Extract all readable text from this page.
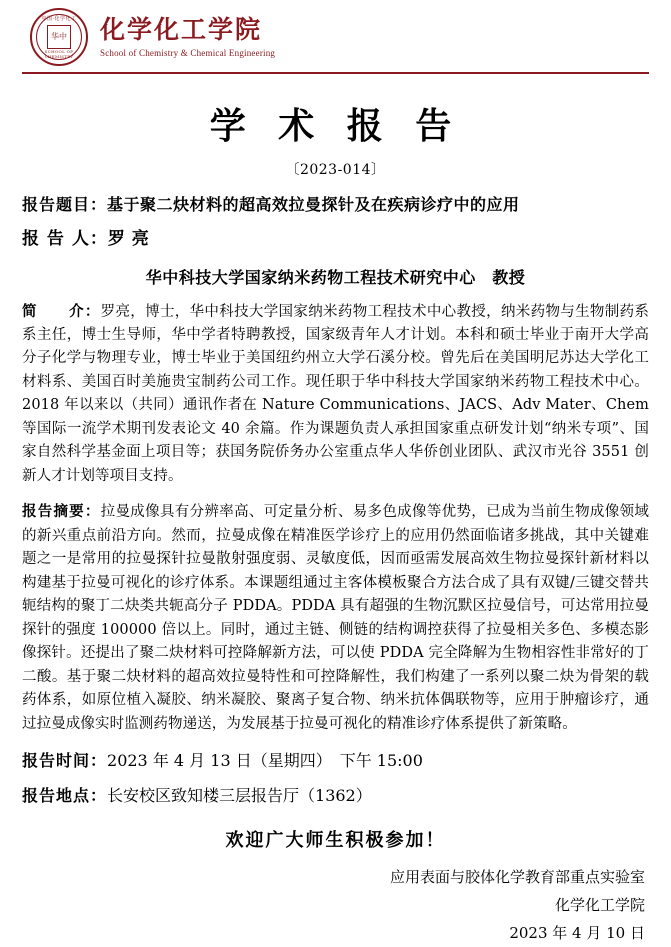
中国·化学化工
华中
SCHOOL OF CHEMISTRY
化学化工学院
School of Chemistry & Chemical Engineering
学 术 报 告
〔2023-014〕
报告题目：基于聚二炔材料的超高效拉曼探针及在疾病诊疗中的应用
报 告 人：罗 亮
华中科技大学国家纳米药物工程技术研究中心　教授
简　　介：罗亮，博士，华中科技大学国家纳米药物工程技术中心教授，纳米药物与生物制药系系主任，博士生导师，华中学者特聘教授，国家级青年人才计划。本科和硕士毕业于南开大学高分子化学与物理专业，博士毕业于美国纽约州立大学石溪分校。曾先后在美国明尼苏达大学化工材料系、美国百时美施贵宝制药公司工作。现任职于华中科技大学国家纳米药物工程技术中心。2018 年以来以（共同）通讯作者在 Nature Communications、JACS、Adv Mater、Chem 等国际一流学术期刊发表论文 40 余篇。作为课题负责人承担国家重点研发计划“纳米专项”、国家自然科学基金面上项目等；获国务院侨务办公室重点华人华侨创业团队、武汉市光谷 3551 创新人才计划等项目支持。
报告摘要：拉曼成像具有分辨率高、可定量分析、易多色成像等优势，已成为当前生物成像领域的新兴重点前沿方向。然而，拉曼成像在精准医学诊疗上的应用仍然面临诸多挑战，其中关键难题之一是常用的拉曼探针拉曼散射强度弱、灵敏度低，因而亟需发展高效生物拉曼探针新材料以构建基于拉曼可视化的诊疗体系。本课题组通过主客体模板聚合方法合成了具有双键/三键交替共轭结构的聚丁二炔类共轭高分子 PDDA。PDDA 具有超强的生物沉默区拉曼信号，可达常用拉曼探针的强度 100000 倍以上。同时，通过主链、侧链的结构调控获得了拉曼相关多色、多模态影像探针。还提出了聚二炔材料可控降解新方法，可以使 PDDA 完全降解为生物相容性非常好的丁二酸。基于聚二炔材料的超高效拉曼特性和可控降解性，我们构建了一系列以聚二炔为骨架的载药体系，如原位植入凝胶、纳米凝胶、聚离子复合物、纳米抗体偶联物等，应用于肿瘤诊疗，通过拉曼成像实时监测药物递送，为发展基于拉曼可视化的精准诊疗体系提供了新策略。
报告时间：2023 年 4 月 13 日（星期四）　下午 15:00
报告地点：长安校区致知楼三层报告厅（1362）
欢迎广大师生积极参加！
应用表面与胶体化学教育部重点实验室
化学化工学院
2023 年 4 月 10 日
